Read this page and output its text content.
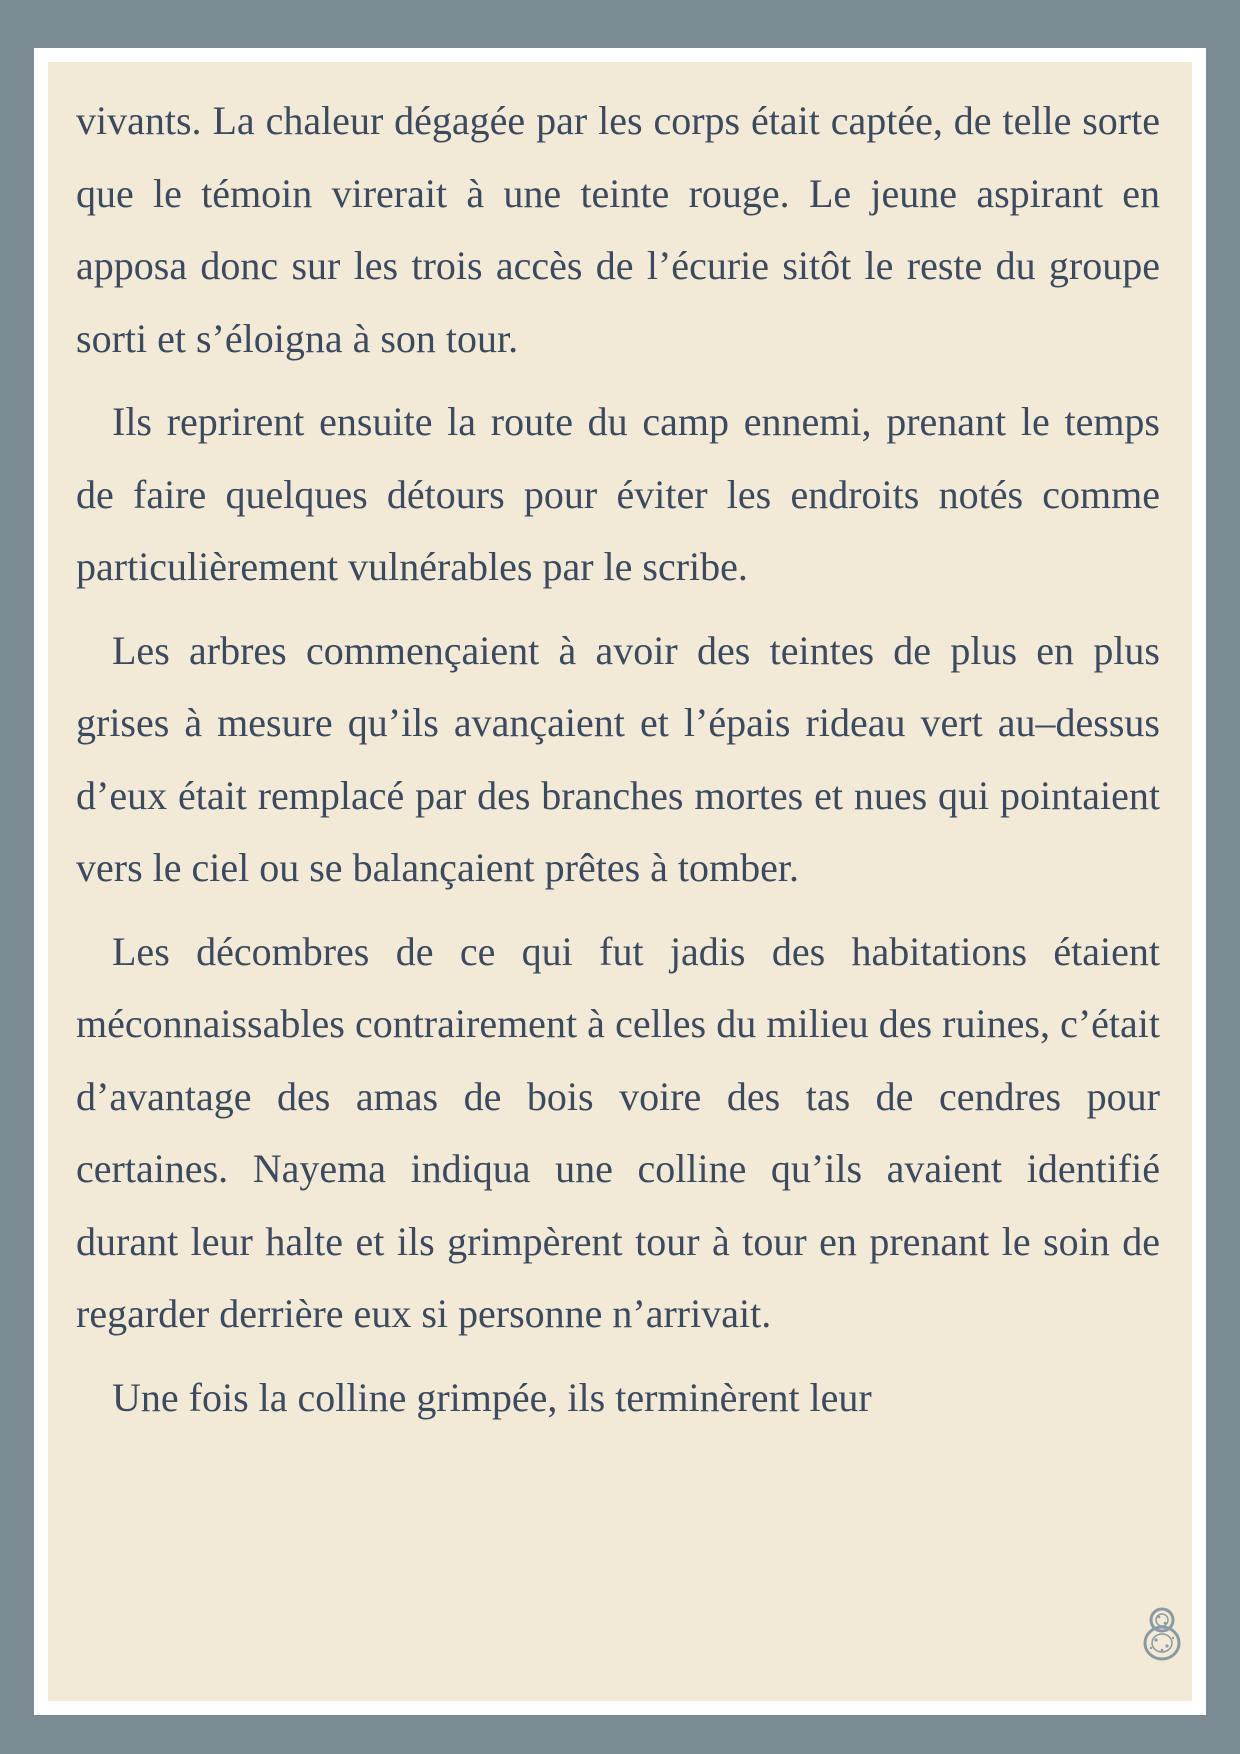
vivants. La chaleur dégagée par les corps était captée, de telle sorte que le témoin virerait à une teinte rouge. Le jeune aspirant en apposa donc sur les trois accès de l’écurie sitôt le reste du groupe sorti et s’éloigna à son tour.

Ils reprirent ensuite la route du camp ennemi, prenant le temps de faire quelques détours pour éviter les endroits notés comme particulièrement vulnérables par le scribe.

Les arbres commençaient à avoir des teintes de plus en plus grises à mesure qu’ils avançaient et l’épais rideau vert au–dessus d’eux était remplacé par des branches mortes et nues qui pointaient vers le ciel ou se balançaient prêtes à tomber.

Les décombres de ce qui fut jadis des habitations étaient méconnaissables contrairement à celles du milieu des ruines, c’était d’avantage des amas de bois voire des tas de cendres pour certaines. Nayema indiqua une colline qu’ils avaient identifié durant leur halte et ils grimpèrent tour à tour en prenant le soin de regarder derrière eux si personne n’arrivait.

Une fois la colline grimpée, ils terminèrent leur
